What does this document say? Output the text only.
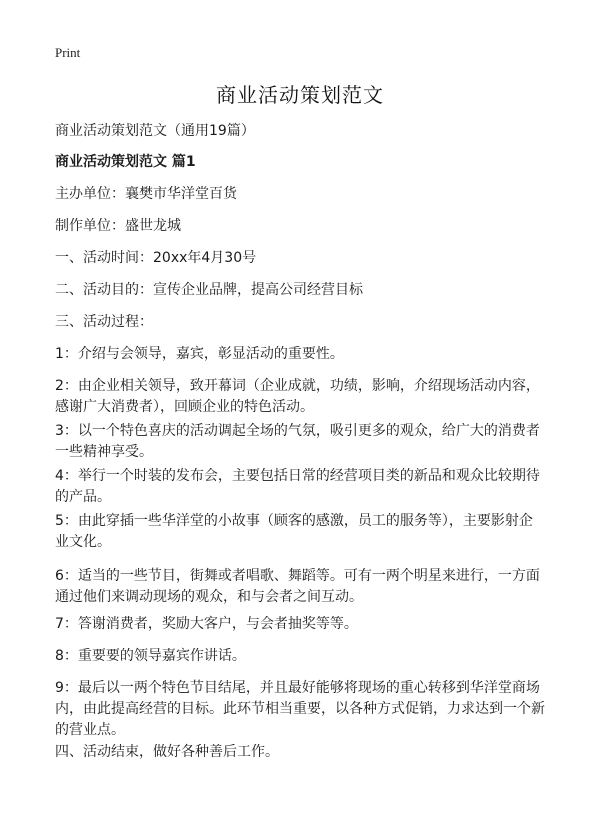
Print
商业活动策划范文

商业活动策划范文（通用19篇）

商业活动策划范文 篇1

主办单位：襄樊市华洋堂百货

制作单位：盛世龙城

一、活动时间：20xx年4月30号

二、活动目的：宣传企业品牌，提高公司经营目标

三、活动过程：

1：介绍与会领导，嘉宾，彰显活动的重要性。

2：由企业相关领导，致开幕词（企业成就，功绩，影响，介绍现场活动内容，感谢广大消费者），回顾企业的特色活动。

3：以一个特色喜庆的活动调起全场的气氛，吸引更多的观众，给广大的消费者一些精神享受。

4：举行一个时装的发布会，主要包括日常的经营项目类的新品和观众比较期待的产品。

5：由此穿插一些华洋堂的小故事（顾客的感激，员工的服务等），主要影射企业文化。

6：适当的一些节目，街舞或者唱歌、舞蹈等。可有一两个明星来进行，一方面通过他们来调动现场的观众，和与会者之间互动。

7：答谢消费者，奖励大客户，与会者抽奖等等。

8：重要要的领导嘉宾作讲话。

9：最后以一两个特色节目结尾，并且最好能够将现场的重心转移到华洋堂商场内，由此提高经营的目标。此环节相当重要，以各种方式促销，力求达到一个新的营业点。

四、活动结束，做好各种善后工作。
